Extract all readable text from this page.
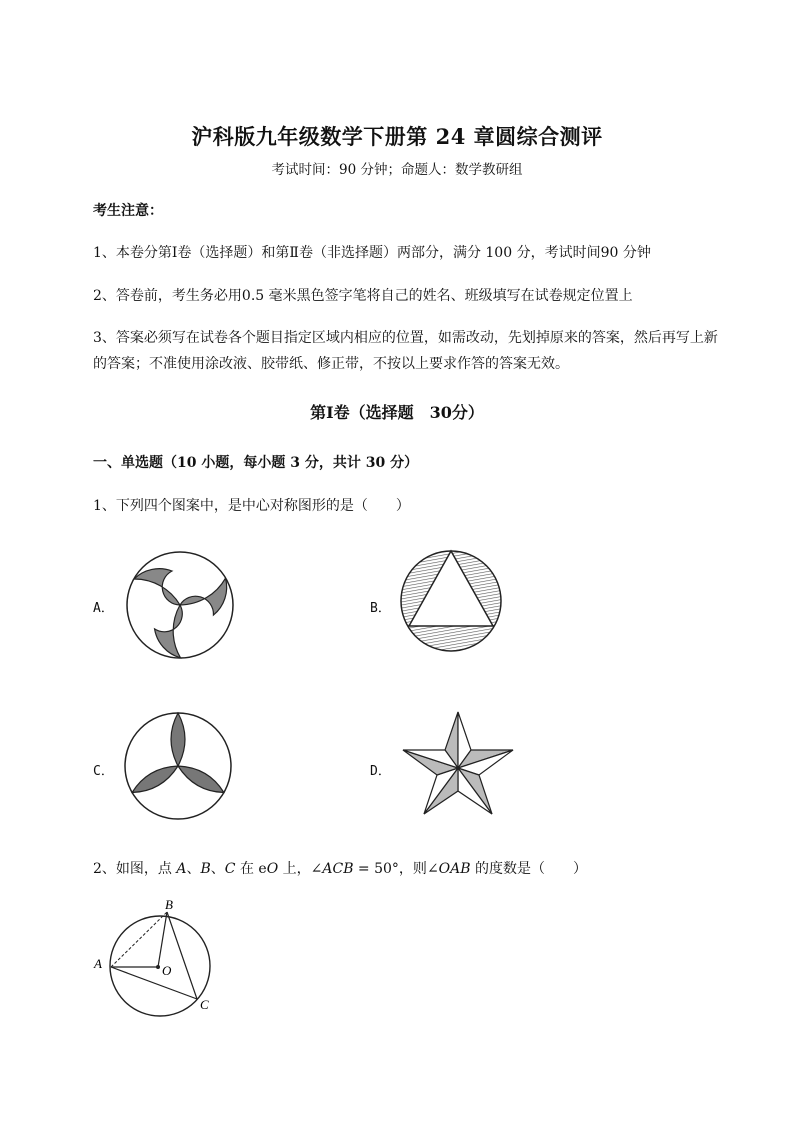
沪科版九年级数学下册第 24 章圆综合测评
考试时间：90 分钟；命题人：数学教研组
考生注意：
1、本卷分第Ⅰ卷（选择题）和第Ⅱ卷（非选择题）两部分，满分 100 分，考试时间90 分钟
2、答卷前，考生务必用0.5 毫米黑色签字笔将自己的姓名、班级填写在试卷规定位置上
3、答案必须写在试卷各个题目指定区域内相应的位置，如需改动，先划掉原来的答案，然后再写上新
的答案；不准使用涂改液、胶带纸、修正带，不按以上要求作答的答案无效。
第Ⅰ卷（选择题　30分）
一、单选题（10 小题，每小题 3 分，共计 30 分）
1、下列四个图案中，是中心对称图形的是（　　）
A．	B．
C．	D．
2、如图，点 A、B、C 在 eO 上，∠ACB = 50°，则∠OAB 的度数是（　　）
A
B
C
O
